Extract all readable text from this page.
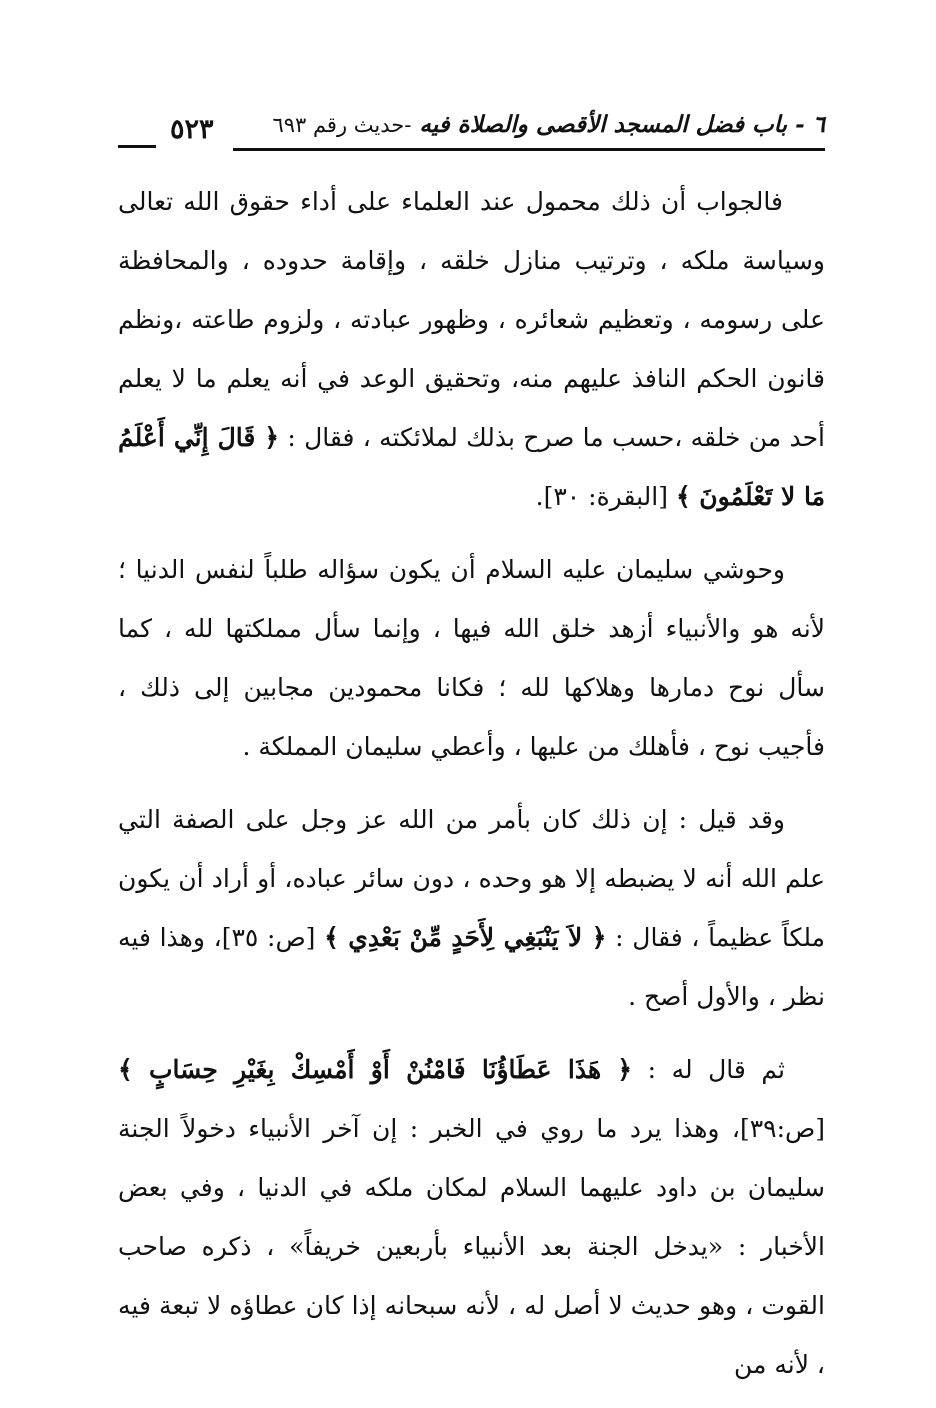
٥٢٣	٦ - باب فضل المسجد الأقصى والصلاة فيه -حديث رقم ٦٩٣

فالجواب أن ذلك محمول عند العلماء على أداء حقوق الله تعالى وسياسة ملكه ، وترتيب منازل خلقه ، وإقامة حدوده ، والمحافظة على رسومه ، وتعظيم شعائره ، وظهور عبادته ، ولزوم طاعته ،ونظم قانون الحكم النافذ عليهم منه، وتحقيق الوعد في أنه يعلم ما لا يعلم أحد من خلقه ،حسب ما صرح بذلك لملائكته ، فقال : ﴿ قَالَ إِنِّي أَعْلَمُ مَا لا تَعْلَمُونَ ﴾ [البقرة: ٣٠].

وحوشي سليمان عليه السلام أن يكون سؤاله طلباً لنفس الدنيا ؛ لأنه هو والأنبياء أزهد خلق الله فيها ، وإنما سأل مملكتها لله ، كما سأل نوح دمارها وهلاكها لله ؛ فكانا محمودين مجابين إلى ذلك ، فأجيب نوح ، فأهلك من عليها ، وأعطي سليمان المملكة .

وقد قيل : إن ذلك كان بأمر من الله عز وجل على الصفة التي علم الله أنه لا يضبطه إلا هو وحده ، دون سائر عباده، أو أراد أن يكون ملكاً عظيماً ، فقال : ﴿ لاَ يَنْبَغِي لِأَحَدٍ مِّنْ بَعْدِي ﴾ [ص: ٣٥]، وهذا فيه نظر ، والأول أصح .

ثم قال له : ﴿ هَذَا عَطَاؤُنَا فَامْنُنْ أَوْ أَمْسِكْ بِغَيْرِ حِسَابٍ ﴾ [ص:٣٩]، وهذا يرد ما روي في الخبر : إن آخر الأنبياء دخولاً الجنة سليمان بن داود عليهما السلام لمكان ملكه في الدنيا ، وفي بعض الأخبار : «يدخل الجنة بعد الأنبياء بأربعين خريفاً» ، ذكره صاحب القوت ، وهو حديث لا أصل له ، لأنه سبحانه إذا كان عطاؤه لا تبعة فيه ، لأنه من
